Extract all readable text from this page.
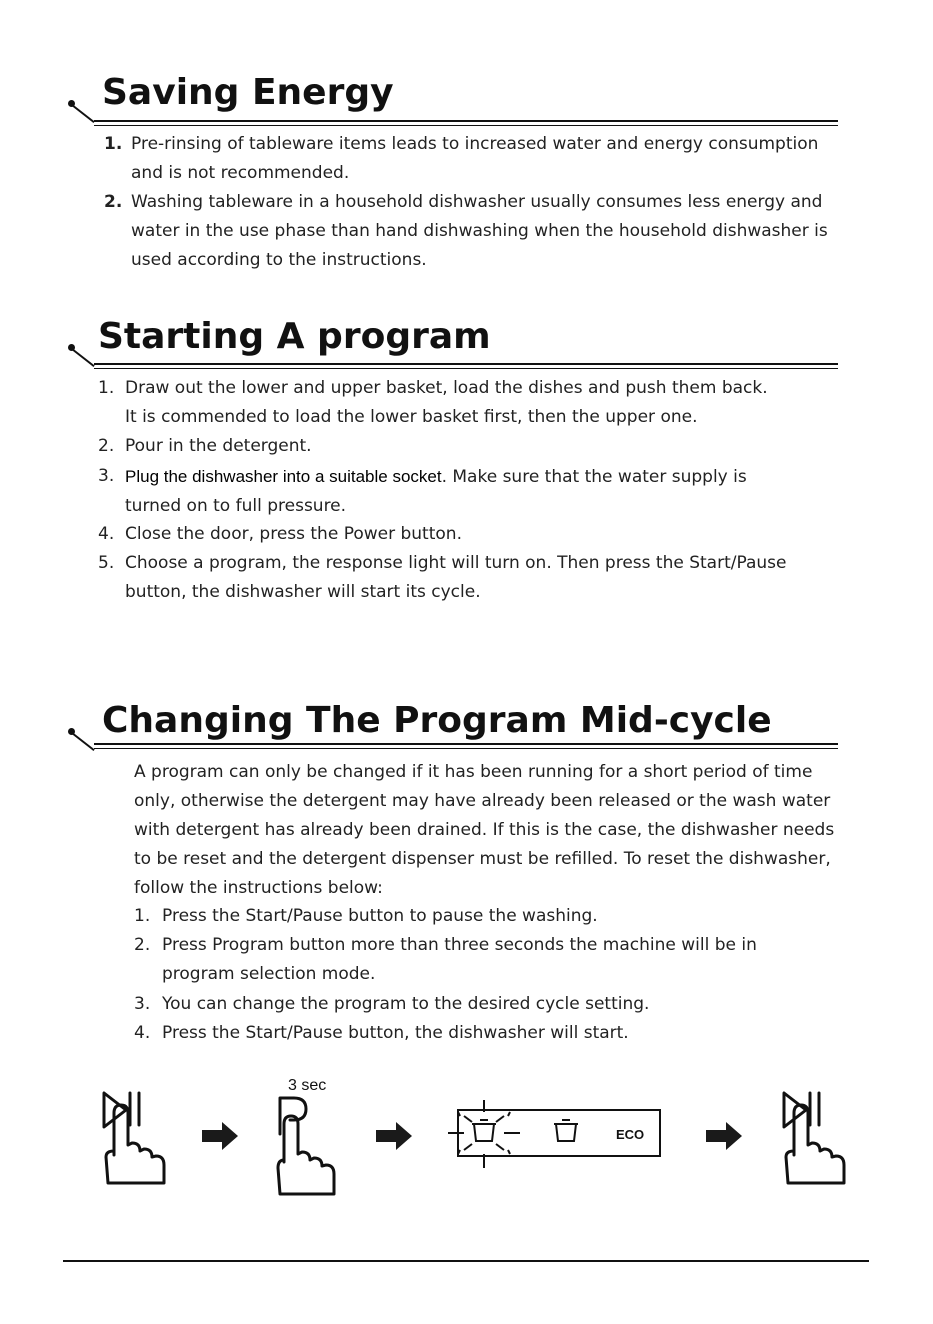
Saving Energy
1. Pre-rinsing of tableware items leads to increased water and energy consumption
and is not recommended.
2. Washing tableware in a household dishwasher usually consumes less energy and
water in the use phase than hand dishwashing when the household dishwasher is
used according to the instructions.
Starting A program
1. Draw out the lower and upper basket, load the dishes and push them back.
It is commended to load the lower basket first, then the upper one.
2. Pour in the detergent.
3. Plug the dishwasher into a suitable socket. Make sure that the water supply is
turned on to full pressure.
4. Close the door, press the Power button.
5. Choose a program, the response light will turn on. Then press the Start/Pause
button, the dishwasher will start its cycle.
Changing The Program Mid-cycle
A program can only be changed if it has been running for a short period of time
only, otherwise the detergent may have already been released or the wash water
with detergent has already been drained. If this is the case, the dishwasher needs
to be reset and the detergent dispenser must be refilled. To reset the dishwasher,
follow the instructions below:
1. Press the Start/Pause button to pause the washing.
2. Press Program button more than three seconds the machine will be in
program selection mode.
3. You can change the program to the desired cycle setting.
4. Press the Start/Pause button, the dishwasher will start.
3 sec
ECO
